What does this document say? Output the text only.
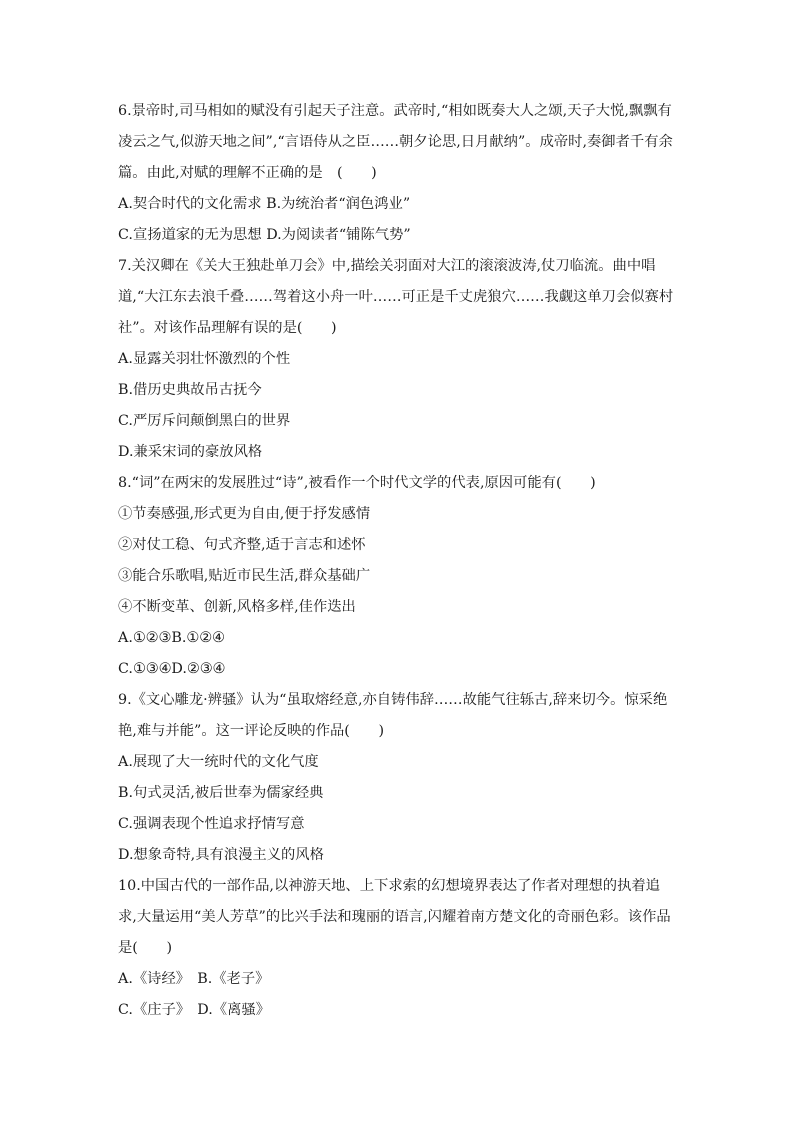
6.景帝时,司马相如的赋没有引起天子注意。武帝时,“相如既奏大人之颂,天子大悦,飘飘有凌云之气,似游天地之间”,“言语侍从之臣……朝夕论思,日月献纳”。成帝时,奏御者千有余篇。由此,对赋的理解不正确的是　(　　)
A.契合时代的文化需求 B.为统治者“润色鸿业”
C.宣扬道家的无为思想 D.为阅读者“铺陈气势”
7.关汉卿在《关大王独赴单刀会》中,描绘关羽面对大江的滚滚波涛,仗刀临流。曲中唱道,“大江东去浪千叠……驾着这小舟一叶……可正是千丈虎狼穴……我觑这单刀会似赛村社”。对该作品理解有误的是(　　)
A.显露关羽壮怀激烈的个性
B.借历史典故吊古抚今
C.严厉斥问颠倒黑白的世界
D.兼采宋词的豪放风格
8.“词”在两宋的发展胜过“诗”,被看作一个时代文学的代表,原因可能有(　　)
①节奏感强,形式更为自由,便于抒发感情
②对仗工稳、句式齐整,适于言志和述怀
③能合乐歌唱,贴近市民生活,群众基础广
④不断变革、创新,风格多样,佳作迭出
A.①②③B.①②④
C.①③④D.②③④
9.《文心雕龙·辨骚》认为“虽取熔经意,亦自铸伟辞……故能气往轹古,辞来切今。惊采绝艳,难与并能”。这一评论反映的作品(　　)
A.展现了大一统时代的文化气度
B.句式灵活,被后世奉为儒家经典
C.强调表现个性追求抒情写意
D.想象奇特,具有浪漫主义的风格
10.中国古代的一部作品,以神游天地、上下求索的幻想境界表达了作者对理想的执着追求,大量运用“美人芳草”的比兴手法和瑰丽的语言,闪耀着南方楚文化的奇丽色彩。该作品是(　　)
A.《诗经》　B.《老子》
C.《庄子》　D.《离骚》
